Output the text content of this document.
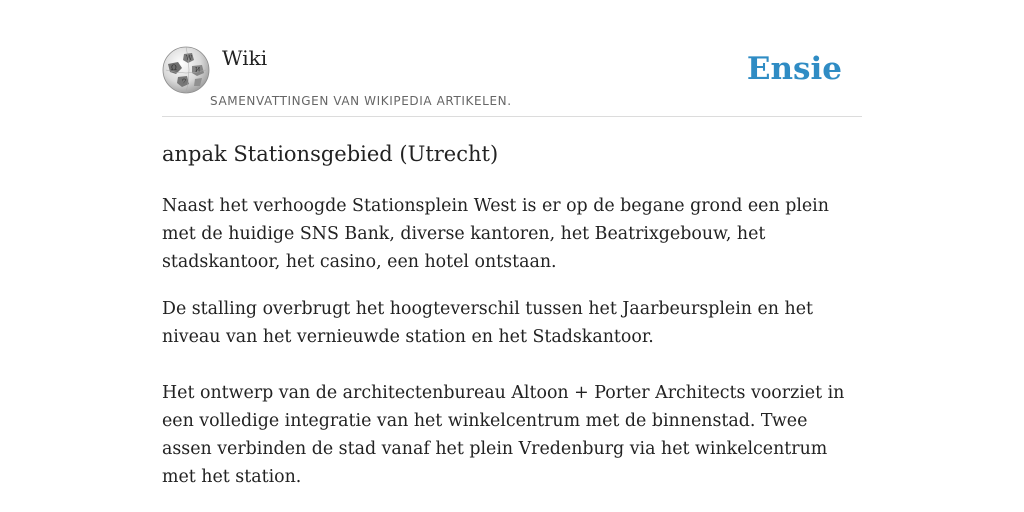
Ω
W
И
ウ
Wiki
SAMENVATTINGEN VAN WIKIPEDIA ARTIKELEN.
Ensie
anpak Stationsgebied (Utrecht)

Naast het verhoogde Stationsplein West is er op de begane grond een plein met de huidige SNS Bank, diverse kantoren, het Beatrixgebouw, het stadskantoor, het casino, een hotel ontstaan.

De stalling overbrugt het hoogteverschil tussen het Jaarbeursplein en het niveau van het vernieuwde station en het Stadskantoor.

Het ontwerp van de architectenbureau Altoon + Porter Architects voorziet in een volledige integratie van het winkelcentrum met de binnenstad. Twee assen verbinden de stad vanaf het plein Vredenburg via het winkelcentrum met het station.
